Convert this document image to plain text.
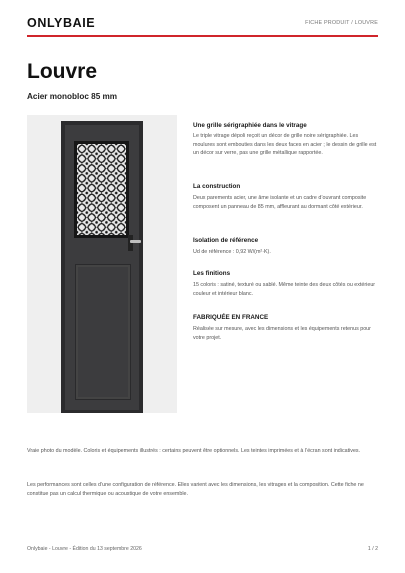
ONLYBAIE	FICHE PRODUIT / LOUVRE
Louvre
Acier monobloc 85 mm
Une grille sérigraphiée dans le vitrage
Le triple vitrage dépoli reçoit un décor de grille noire sérigraphiée. Les moulures sont embouties dans les deux faces en acier ; le dessin de grille est un décor sur verre, pas une grille métallique rapportée.
La construction
Deux parements acier, une âme isolante et un cadre d’ouvrant composite composent un panneau de 85 mm, affleurant au dormant côté extérieur.
Isolation de référence
Ud de référence : 0,92 W/(m²·K).
Les finitions
15 coloris : satiné, texturé ou sablé. Même teinte des deux côtés ou extérieur couleur et intérieur blanc.
FABRIQUÉE EN FRANCE
Réalisée sur mesure, avec les dimensions et les équipements retenus pour votre projet.
Vraie photo du modèle. Coloris et équipements illustrés : certains peuvent être optionnels. Les teintes imprimées et à l’écran sont indicatives.
Les performances sont celles d’une configuration de référence. Elles varient avec les dimensions, les vitrages et la composition. Cette fiche ne constitue pas un calcul thermique ou acoustique de votre ensemble.
Onlybaie - Louvre - Édition du 13 septembre 2026	1 / 2
